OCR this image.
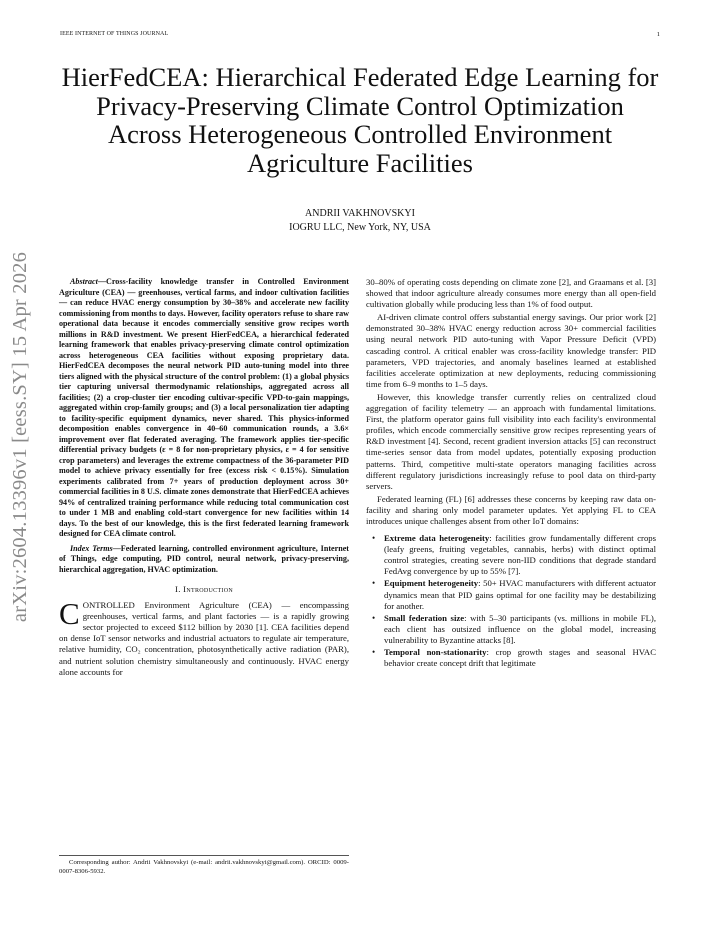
IEEE INTERNET OF THINGS JOURNAL	1
HierFedCEA: Hierarchical Federated Edge Learning for Privacy-Preserving Climate Control Optimization Across Heterogeneous Controlled Environment Agriculture Facilities
ANDRII VAKHNOVSKYI
IOGRU LLC, New York, NY, USA
arXiv:2604.13396v1 [eess.SY] 15 Apr 2026	Abstract—Cross-facility knowledge transfer in Controlled Environment Agriculture (CEA) — greenhouses, vertical farms, and indoor cultivation facilities — can reduce HVAC energy consumption by 30–38% and accelerate new facility commissioning from months to days. However, facility operators refuse to share raw operational data because it encodes commercially sensitive grow recipes worth millions in R&D investment. We present HierFedCEA, a hierarchical federated learning framework that enables privacy-preserving climate control optimization across heterogeneous CEA facilities without exposing proprietary data. HierFedCEA decomposes the neural network PID auto-tuning model into three tiers aligned with the physical structure of the control problem: (1) a global physics tier capturing universal thermodynamic relationships, aggregated across all facilities; (2) a crop-cluster tier encoding cultivar-specific VPD-to-gain mappings, aggregated within crop-family groups; and (3) a local personalization tier adapting to facility-specific equipment dynamics, never shared. This physics-informed decomposition enables convergence in 40–60 communication rounds, a 3.6× improvement over flat federated averaging. The framework applies tier-specific differential privacy budgets (ε = 8 for non-proprietary physics, ε = 4 for sensitive crop parameters) and leverages the extreme compactness of the 36-parameter PID model to achieve privacy essentially for free (excess risk < 0.15%). Simulation experiments calibrated from 7+ years of production deployment across 30+ commercial facilities in 8 U.S. climate zones demonstrate that HierFedCEA achieves 94% of centralized training performance while reducing total communication cost to under 1 MB and enabling cold-start convergence for new facilities within 14 days. To the best of our knowledge, this is the first federated learning framework designed for CEA climate control.

Index Terms—Federated learning, controlled environment agriculture, Internet of Things, edge computing, PID control, neural network, privacy-preserving, hierarchical aggregation, HVAC optimization.

I. Introduction

CONTROLLED Environment Agriculture (CEA) — encompassing greenhouses, vertical farms, and plant factories — is a rapidly growing sector projected to exceed $112 billion by 2030 [1]. CEA facilities depend on dense IoT sensor networks and industrial actuators to regulate air temperature, relative humidity, CO₂ concentration, photosynthetically active radiation (PAR), and nutrient solution chemistry simultaneously and continuously. HVAC energy alone accounts for

Corresponding author: Andrii Vakhnovskyi (e-mail: andrii.vakhnovskyi@gmail.com). ORCID: 0009-0007-8306-5932.

30–80% of operating costs depending on climate zone [2], and Graamans et al. [3] showed that indoor agriculture already consumes more energy than all open-field cultivation globally while producing less than 1% of food output.

AI-driven climate control offers substantial energy savings. Our prior work [2] demonstrated 30–38% HVAC energy reduction across 30+ commercial facilities using neural network PID auto-tuning with Vapor Pressure Deficit (VPD) cascading control. A critical enabler was cross-facility knowledge transfer: PID parameters, VPD trajectories, and anomaly baselines learned at established facilities accelerate optimization at new deployments, reducing commissioning time from 6–9 months to 1–5 days.

However, this knowledge transfer currently relies on centralized cloud aggregation of facility telemetry — an approach with fundamental limitations. First, the platform operator gains full visibility into each facility's environmental profiles, which encode commercially sensitive grow recipes representing years of R&D investment [4]. Second, recent gradient inversion attacks [5] can reconstruct time-series sensor data from model updates, potentially exposing production patterns. Third, competitive multi-state operators managing facilities across different regulatory jurisdictions increasingly refuse to pool data on third-party servers.

Federated learning (FL) [6] addresses these concerns by keeping raw data on-facility and sharing only model parameter updates. Yet applying FL to CEA introduces unique challenges absent from other IoT domains:

• Extreme data heterogeneity: facilities grow fundamentally different crops (leafy greens, fruiting vegetables, cannabis, herbs) with distinct optimal control strategies, creating severe non-IID conditions that degrade standard FedAvg convergence by up to 55% [7].
• Equipment heterogeneity: 50+ HVAC manufacturers with different actuator dynamics mean that PID gains optimal for one facility may be destabilizing for another.
• Small federation size: with 5–30 participants (vs. millions in mobile FL), each client has outsized influence on the global model, increasing vulnerability to Byzantine attacks [8].
• Temporal non-stationarity: crop growth stages and seasonal HVAC behavior create concept drift that legitimate
